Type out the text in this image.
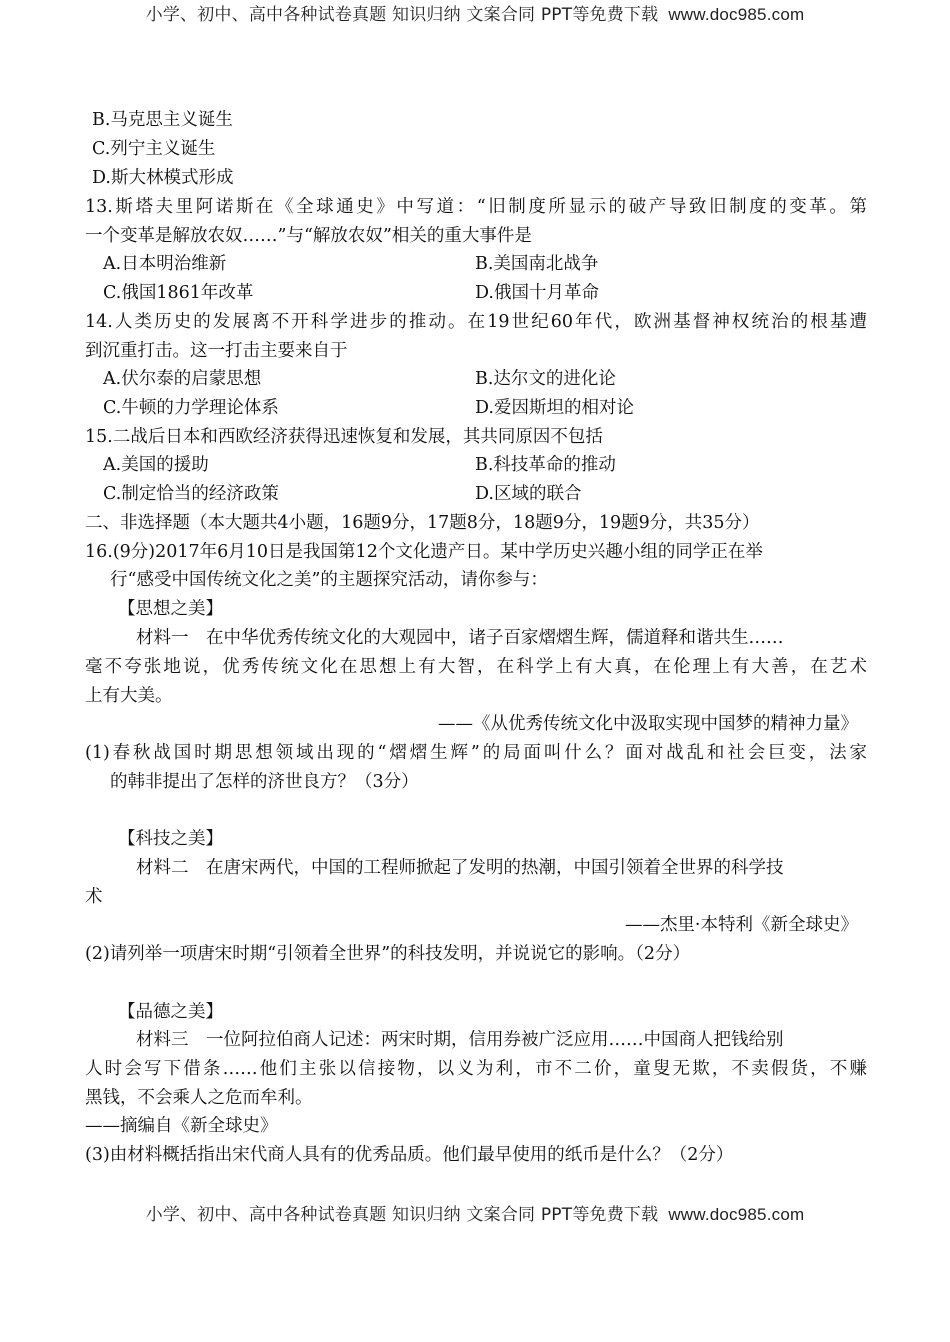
小学、初中、高中各种试卷真题 知识归纳 文案合同 PPT等免费下载 www.doc985.com
B.马克思主义诞生
C.列宁主义诞生
D.斯大林模式形成
13.斯塔夫里阿诺斯在《全球通史》中写道：“旧制度所显示的破产导致旧制度的变革。第
一个变革是解放农奴……”与“解放农奴”相关的重大事件是
A.日本明治维新	B.美国南北战争
C.俄国1861年改革	D.俄国十月革命
14.人类历史的发展离不开科学进步的推动。在19世纪60年代，欧洲基督神权统治的根基遭
到沉重打击。这一打击主要来自于
A.伏尔泰的启蒙思想	B.达尔文的进化论
C.牛顿的力学理论体系	D.爱因斯坦的相对论
15.二战后日本和西欧经济获得迅速恢复和发展，其共同原因不包括
A.美国的援助	B.科技革命的推动
C.制定恰当的经济政策	D.区域的联合
二、非选择题（本大题共4小题，16题9分，17题8分，18题9分，19题9分，共35分）
16.(9分)2017年6月10日是我国第12个文化遗产日。某中学历史兴趣小组的同学正在举
行“感受中国传统文化之美”的主题探究活动，请你参与：
【思想之美】
材料一　在中华优秀传统文化的大观园中，诸子百家熠熠生辉，儒道释和谐共生……
毫不夸张地说，优秀传统文化在思想上有大智，在科学上有大真，在伦理上有大善，在艺术
上有大美。
——《从优秀传统文化中汲取实现中国梦的精神力量》
(1)春秋战国时期思想领域出现的“熠熠生辉”的局面叫什么？面对战乱和社会巨变，法家
的韩非提出了怎样的济世良方？（3分）
【科技之美】
材料二　在唐宋两代，中国的工程师掀起了发明的热潮，中国引领着全世界的科学技
术
——杰里·本特利《新全球史》
(2)请列举一项唐宋时期“引领着全世界”的科技发明，并说说它的影响。（2分）
【品德之美】
材料三　一位阿拉伯商人记述：两宋时期，信用券被广泛应用……中国商人把钱给别
人时会写下借条……他们主张以信接物，以义为利，市不二价，童叟无欺，不卖假货，不赚
黑钱，不会乘人之危而牟利。
——摘编自《新全球史》
(3)由材料概括指出宋代商人具有的优秀品质。他们最早使用的纸币是什么？（2分）
小学、初中、高中各种试卷真题 知识归纳 文案合同 PPT等免费下载 www.doc985.com
